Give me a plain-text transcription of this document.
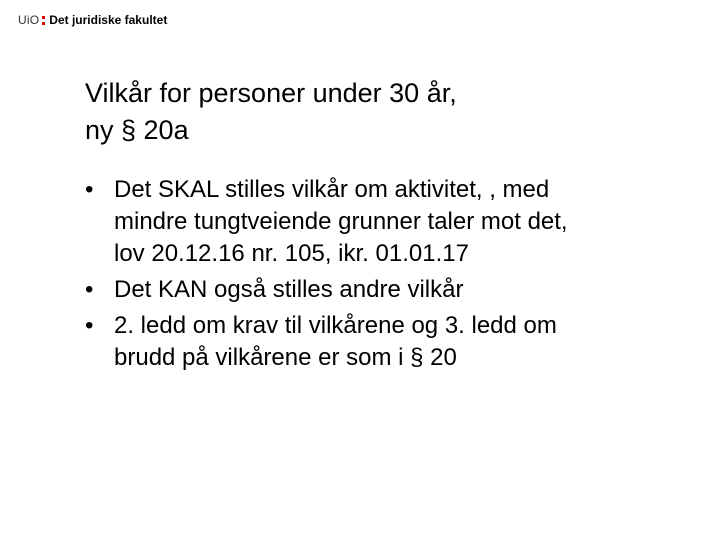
UiO Det juridiske fakultet
Vilkår for personer under 30 år,
ny § 20a
• Det SKAL stilles vilkår om aktivitet, , med
mindre tungtveiende grunner taler mot det,
lov 20.12.16 nr. 105, ikr. 01.01.17
• Det KAN også stilles andre vilkår
• 2. ledd om krav til vilkårene og 3. ledd om
brudd på vilkårene er som i § 20
